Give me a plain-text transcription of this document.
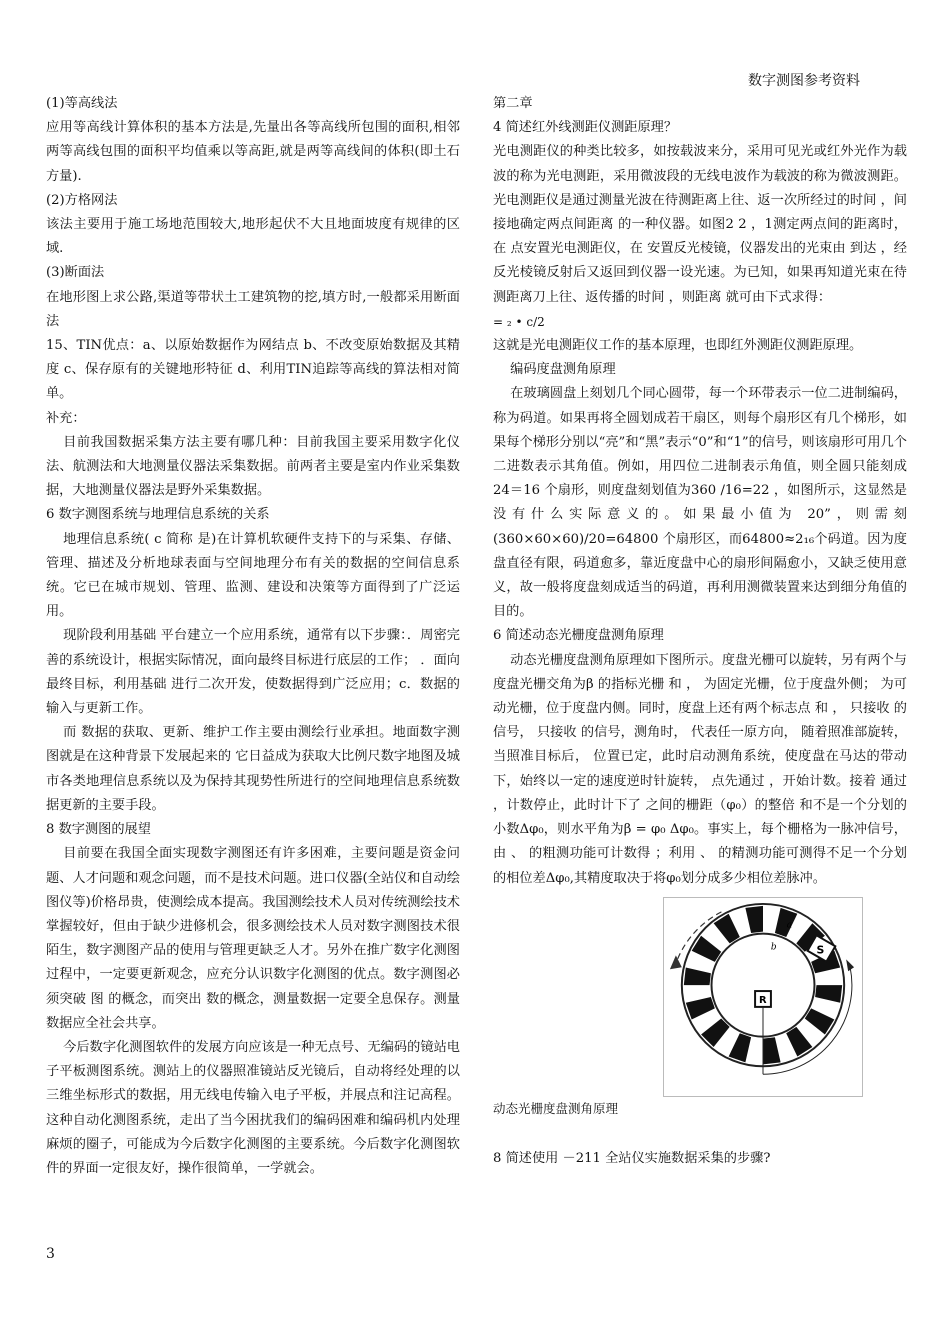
数字测图参考资料

(1)等高线法

应用等高线计算体积的基本方法是,先量出各等高线所包围的面积,相邻两等高线包围的面积平均值乘以等高距,就是两等高线间的体积(即土石方量).

(2)方格网法

该法主要用于施工场地范围较大,地形起伏不大且地面坡度有规律的区域.

(3)断面法

在地形图上求公路,渠道等带状土工建筑物的挖,填方时,一般都采用断面法

15、TIN优点：a、以原始数据作为网结点 b、不改变原始数据及其精度 c、保存原有的关键地形特征 d、利用TIN追踪等高线的算法相对简单。

补充：

目前我国数据采集方法主要有哪几种：目前我国主要采用数字化仪法、航测法和大地测量仪器法采集数据。前两者主要是室内作业采集数据，大地测量仪器法是野外采集数据。

6 数字测图系统与地理信息系统的关系

地理信息系统( c 简称 是)在计算机软硬件支持下的与采集、存储、管理、描述及分析地球表面与空间地理分布有关的数据的空间信息系统。它已在城市规划、管理、监测、建设和决策等方面得到了广泛运用。

现阶段利用基础 平台建立一个应用系统，通常有以下步骤：．周密完善的系统设计，根据实际情况，面向最终目标进行底层的工作； ．面向最终目标，利用基础 进行二次开发，使数据得到广泛应用；c．数据的输入与更新工作。

而 数据的获取、更新、维护工作主要由测绘行业承担。地面数字测图就是在这种背景下发展起来的 它日益成为获取大比例尺数字地图及城市各类地理信息系统以及为保持其现势性所进行的空间地理信息系统数据更新的主要手段。

8 数字测图的展望

目前要在我国全面实现数字测图还有许多困难，主要问题是资金问题、人才问题和观念问题，而不是技术问题。进口仪器(全站仪和自动绘图仪等)价格昂贵，使测绘成本提高。我国测绘技术人员对传统测绘技术掌握较好，但由于缺少进修机会，很多测绘技术人员对数字测图技术很陌生，数字测图产品的使用与管理更缺乏人才。另外在推广数字化测图过程中，一定要更新观念，应充分认识数字化测图的优点。数字测图必须突破 图 的概念，而突出 数的概念，测量数据一定要全息保存。测量数据应全社会共享。

今后数字化测图软件的发展方向应该是一种无点号、无编码的镜站电子平板测图系统。测站上的仪器照准镜站反光镜后，自动将经处理的以三维坐标形式的数据，用无线电传输入电子平板，并展点和注记高程。这种自动化测图系统，走出了当今困扰我们的编码困难和编码机内处理麻烦的圈子，可能成为今后数字化测图的主要系统。今后数字化测图软件的界面一定很友好，操作很简单，一学就会。

第二章

4 简述红外线测距仪测距原理？

光电测距仪的种类比较多，如按载波来分，采用可见光或红外光作为载波的称为光电测距，采用微波段的无线电波作为载波的称为微波测距。光电测距仪是通过测量光波在待测距离上往、返一次所经过的时间 ，间接地确定两点间距离 的一种仪器。如图2 2 ，1测定两点间的距离时，在 点安置光电测距仪，在 安置反光棱镜，仪器发出的光束由 到达 ，经反光棱镜反射后又返回到仪器一设光速。为已知，如果再知道光束在待测距离刀上往、返传播的时间 ，则距离 就可由下式求得：

= ₂ • c/2

这就是光电测距仪工作的基本原理，也即红外测距仪测距原理。

编码度盘测角原理

在玻璃圆盘上刻划几个同心圆带，每一个环带表示一位二进制编码，称为码道。如果再将全圆划成若干扇区，则每个扇形区有几个梯形，如果每个梯形分别以“亮”和“黑”表示“0”和“1”的信号，则该扇形可用几个二进数表示其角值。例如，用四位二进制表示角值，则全圆只能刻成 24＝16 个扇形，则度盘刻划值为360 /16=22 ，如图所示，这显然是没有什么实际意义的。如果最小值为 20”，则需刻(360×60×60)/20=64800 个扇形区，而64800≈2₁₆个码道。因为度盘直径有限，码道愈多，靠近度盘中心的扇形间隔愈小，又缺乏使用意义，故一般将度盘刻成适当的码道，再利用测微装置来达到细分角值的目的。

6 简述动态光栅度盘测角原理

动态光栅度盘测角原理如下图所示。度盘光栅可以旋转，另有两个与度盘光栅交角为β 的指标光栅 和 ， 为固定光栅，位于度盘外侧； 为可动光栅，位于度盘内侧。同时，度盘上还有两个标志点 和 ， 只接收 的信号， 只接收 的信号，测角时， 代表任一原方向， 随着照准部旋转，当照准目标后， 位置已定，此时启动测角系统，使度盘在马达的带动下，始终以一定的速度逆时针旋转， 点先通过 ，开始计数。接着 通过 ，计数停止，此时计下了 之间的栅距（φ₀）的整倍 和不是一个分划的小数Δφ₀，则水平角为β = φ₀ Δφ₀。事实上，每个栅格为一脉冲信号，由 、 的粗测功能可计数得 ；利用 、 的精测功能可测得不足一个分划的相位差Δφ₀,其精度取决于将φ₀划分成多少相位差脉冲。

S
R
a
b

动态光栅度盘测角原理

8 简述使用 －211 全站仪实施数据采集的步骤?

3
